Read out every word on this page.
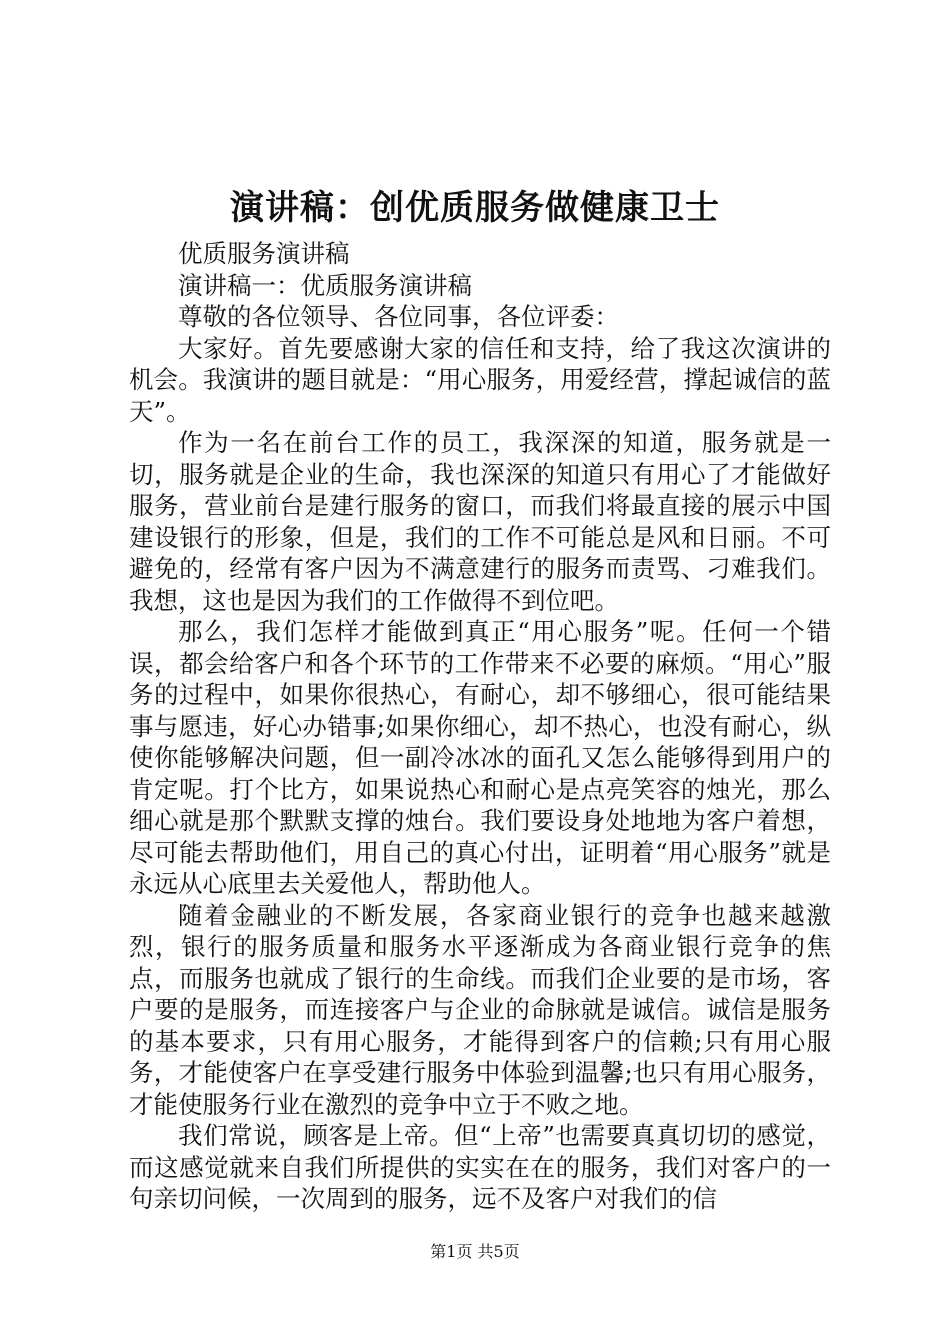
演讲稿：创优质服务做健康卫士

优质服务演讲稿

演讲稿一：优质服务演讲稿

尊敬的各位领导、各位同事，各位评委：

大家好。首先要感谢大家的信任和支持，给了我这次演讲的机会。我演讲的题目就是：“用心服务，用爱经营，撑起诚信的蓝天”。

作为一名在前台工作的员工，我深深的知道，服务就是一切，服务就是企业的生命，我也深深的知道只有用心了才能做好服务，营业前台是建行服务的窗口，而我们将最直接的展示中国建设银行的形象，但是，我们的工作不可能总是风和日丽。不可避免的，经常有客户因为不满意建行的服务而责骂、刁难我们。我想，这也是因为我们的工作做得不到位吧。

那么，我们怎样才能做到真正“用心服务”呢。任何一个错误，都会给客户和各个环节的工作带来不必要的麻烦。“用心”服务的过程中，如果你很热心，有耐心，却不够细心，很可能结果事与愿违，好心办错事;如果你细心，却不热心，也没有耐心，纵使你能够解决问题，但一副冷冰冰的面孔又怎么能够得到用户的肯定呢。打个比方，如果说热心和耐心是点亮笑容的烛光，那么细心就是那个默默支撑的烛台。我们要设身处地地为客户着想，尽可能去帮助他们，用自己的真心付出，证明着“用心服务”就是永远从心底里去关爱他人，帮助他人。

随着金融业的不断发展，各家商业银行的竞争也越来越激烈，银行的服务质量和服务水平逐渐成为各商业银行竞争的焦点，而服务也就成了银行的生命线。而我们企业要的是市场，客户要的是服务，而连接客户与企业的命脉就是诚信。诚信是服务的基本要求，只有用心服务，才能得到客户的信赖;只有用心服务，才能使客户在享受建行服务中体验到温馨;也只有用心服务，才能使服务行业在激烈的竞争中立于不败之地。

我们常说，顾客是上帝。但“上帝”也需要真真切切的感觉，而这感觉就来自我们所提供的实实在在的服务，我们对客户的一句亲切问候，一次周到的服务，远不及客户对我们的信

第1页 共5页
